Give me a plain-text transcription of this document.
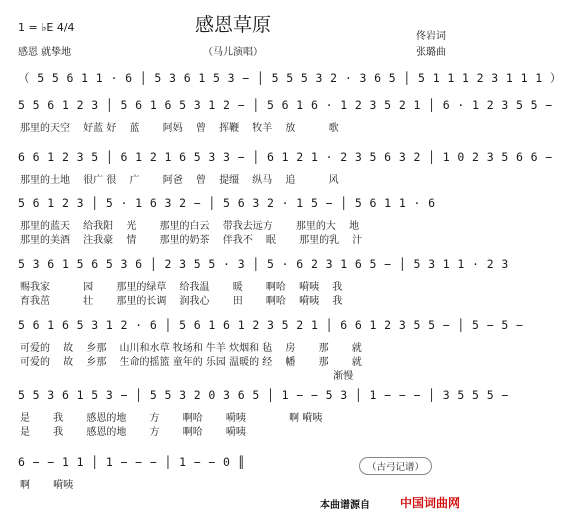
感恩草原
1 = ♭E 4/4
感恩 就挚地	（马儿演唱）
佟岩词
张璐曲
（ 5 5 6 1 1 · 6 │ 5 3 6 1 5 3 − │ 5 5 5 3 2 · 3 6 5 │ 5 1 1 1 2 3 1 1 1 ）
5 5 6 1 2 3 │ 5 6 1 6 5 3 1 2 − │ 5 6 1 6 · 1 2 3 5 2 1 │ 6 · 1 2 3 5 5 −
那里的天空　 好蓝 好　 蓝　　 阿妈　 曾　 挥鞭　 牧羊　 放　　　 歌
6 6 1 2 3 5 │ 6 1 2 1 6 5 3 3 − │ 6 1 2 1 · 2 3 5 6 3 2 │ 1 0 2 3 5 6 6 −
那里的土地　 很广 很　 广　　 阿爸　 曾　 提缰　 纵马　 追　　　 风
5 6 1 2 3 │ 5 · 1 6 3 2 − │ 5 6 3 2 · 1 5 − │ 5 6 1 1 · 6
那里的蓝天　 给我阳　 光　　 那里的白云　 带我去远方　　 那里的大　 地
那里的美酒　 注我豪　 情　　 那里的奶茶　 伴我不　 眠　　 那里的乳　 汁
5 3 6 1 5 6 5 3 6 │ 2 3 5 5 · 3 │ 5 · 6 2 3 1 6 5 − │ 5 3 1 1 · 2 3
赐我家　　　 园　　 那里的绿草　 给我温　　 暖　　 啊哈　 嗬咦　 我
育我茁　　　 壮　　 那里的长调　 润我心　　 田　　 啊哈　 嗬咦　 我
5 6 1 6 5 3 1 2 · 6 │ 5 6 1 6 1 2 3 5 2 1 │ 6 6 1 2 3 5 5 − │ 5 − 5 −
可爱的　 故　 乡那　 山川和水草 牧场和 牛羊 炊烟和 毡　 房　　 那　　 就
可爱的　 故　 乡那　 生命的摇篮 童年的 乐园 温暖的 经　 幡　　 那　　 就
　　　　　　　　　　　　　　　　　　　　　　　　　　　　　　　 渐慢
5 5 3 6 1 5 3 − │ 5 5 3 2 0 3 6 5 │ 1 − − 5 3 │ 1 − − − │ 3 5 5 5 −
是　　 我　　 感恩的地　　 方　　 啊哈　　 嗬咦　　　　 啊 嗬咦
是　　 我　　 感恩的地　　 方　　 啊哈　　 嗬咦
6 − − 1 1 │ 1 − − − │ 1 − − 0 ║
啊　　 嗬咦
（古弓记谱）
本曲谱源自 中国词曲网
